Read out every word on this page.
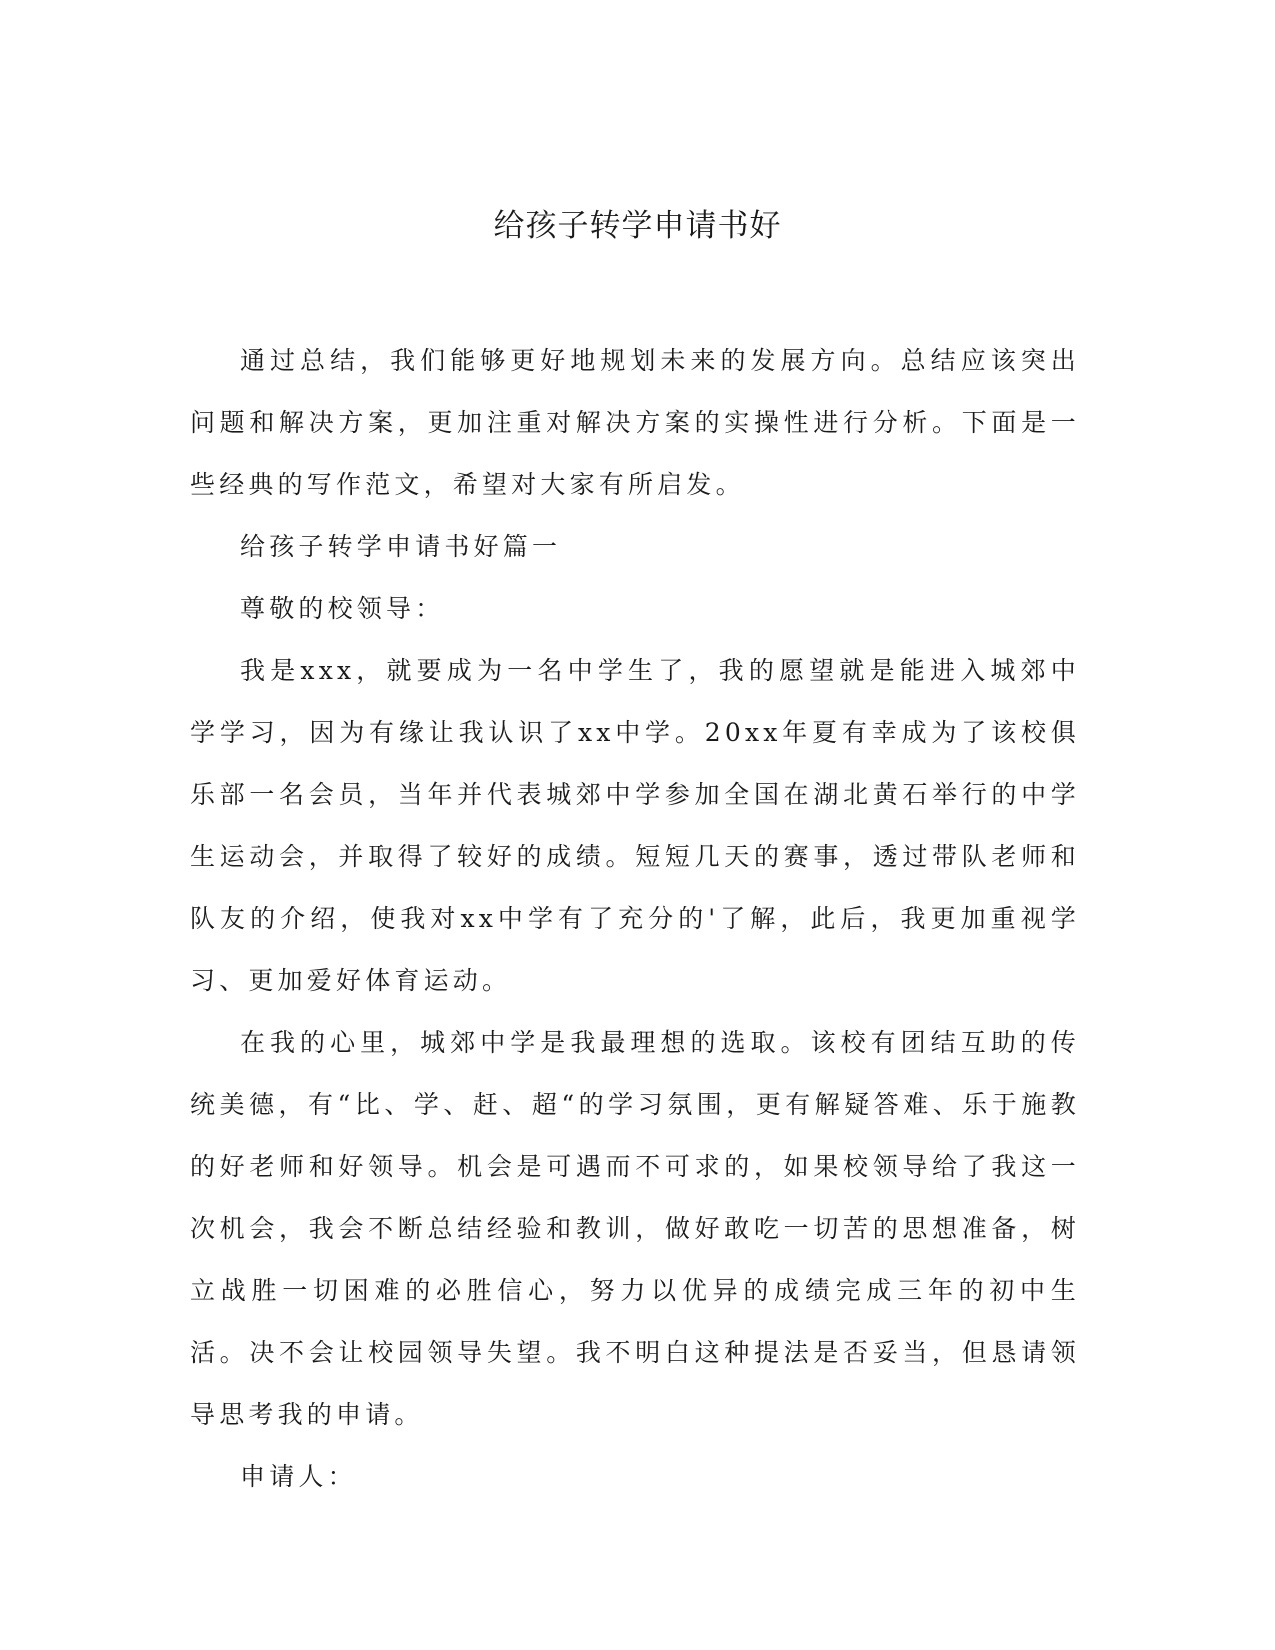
给孩子转学申请书好

通过总结，我们能够更好地规划未来的发展方向。总结应该突出问题和解决方案，更加注重对解决方案的实操性进行分析。下面是一些经典的写作范文，希望对大家有所启发。

给孩子转学申请书好篇一

尊敬的校领导：

我是xxx，就要成为一名中学生了，我的愿望就是能进入城郊中学学习，因为有缘让我认识了xx中学。20xx年夏有幸成为了该校俱乐部一名会员，当年并代表城郊中学参加全国在湖北黄石举行的中学生运动会，并取得了较好的成绩。短短几天的赛事，透过带队老师和队友的介绍，使我对xx中学有了充分的'了解，此后，我更加重视学习、更加爱好体育运动。

在我的心里，城郊中学是我最理想的选取。该校有团结互助的传统美德，有“比、学、赶、超“的学习氛围，更有解疑答难、乐于施教的好老师和好领导。机会是可遇而不可求的，如果校领导给了我这一次机会，我会不断总结经验和教训，做好敢吃一切苦的思想准备，树立战胜一切困难的必胜信心，努力以优异的成绩完成三年的初中生活。决不会让校园领导失望。我不明白这种提法是否妥当，但恳请领导思考我的申请。

申请人：
